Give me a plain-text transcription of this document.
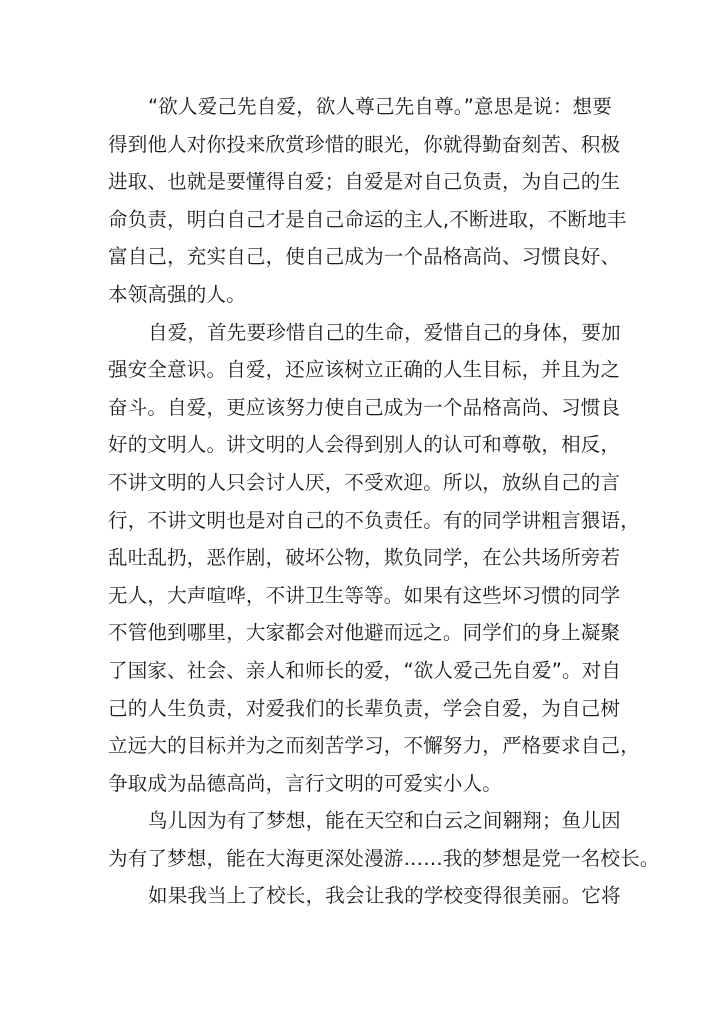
“欲人爱己先自爱，欲人尊己先自尊。”意思是说：想要
得到他人对你投来欣赏珍惜的眼光，你就得勤奋刻苦、积极
进取、也就是要懂得自爱；自爱是对自己负责，为自己的生
命负责，明白自己才是自己命运的主人,不断进取，不断地丰
富自己，充实自己，使自己成为一个品格高尚、习惯良好、
本领高强的人。
自爱，首先要珍惜自己的生命，爱惜自己的身体，要加
强安全意识。自爱，还应该树立正确的人生目标，并且为之
奋斗。自爱，更应该努力使自己成为一个品格高尚、习惯良
好的文明人。讲文明的人会得到别人的认可和尊敬，相反，
不讲文明的人只会讨人厌，不受欢迎。所以，放纵自己的言
行，不讲文明也是对自己的不负责任。有的同学讲粗言猥语，
乱吐乱扔，恶作剧，破坏公物，欺负同学，在公共场所旁若
无人，大声喧哗，不讲卫生等等。如果有这些坏习惯的同学
不管他到哪里，大家都会对他避而远之。同学们的身上凝聚
了国家、社会、亲人和师长的爱，“欲人爱己先自爱”。对自
己的人生负责，对爱我们的长辈负责，学会自爱，为自己树
立远大的目标并为之而刻苦学习，不懈努力，严格要求自己，
争取成为品德高尚，言行文明的可爱实小人。
鸟儿因为有了梦想，能在天空和白云之间翱翔；鱼儿因
为有了梦想，能在大海更深处漫游……我的梦想是党一名校长。
如果我当上了校长，我会让我的学校变得很美丽。它将
